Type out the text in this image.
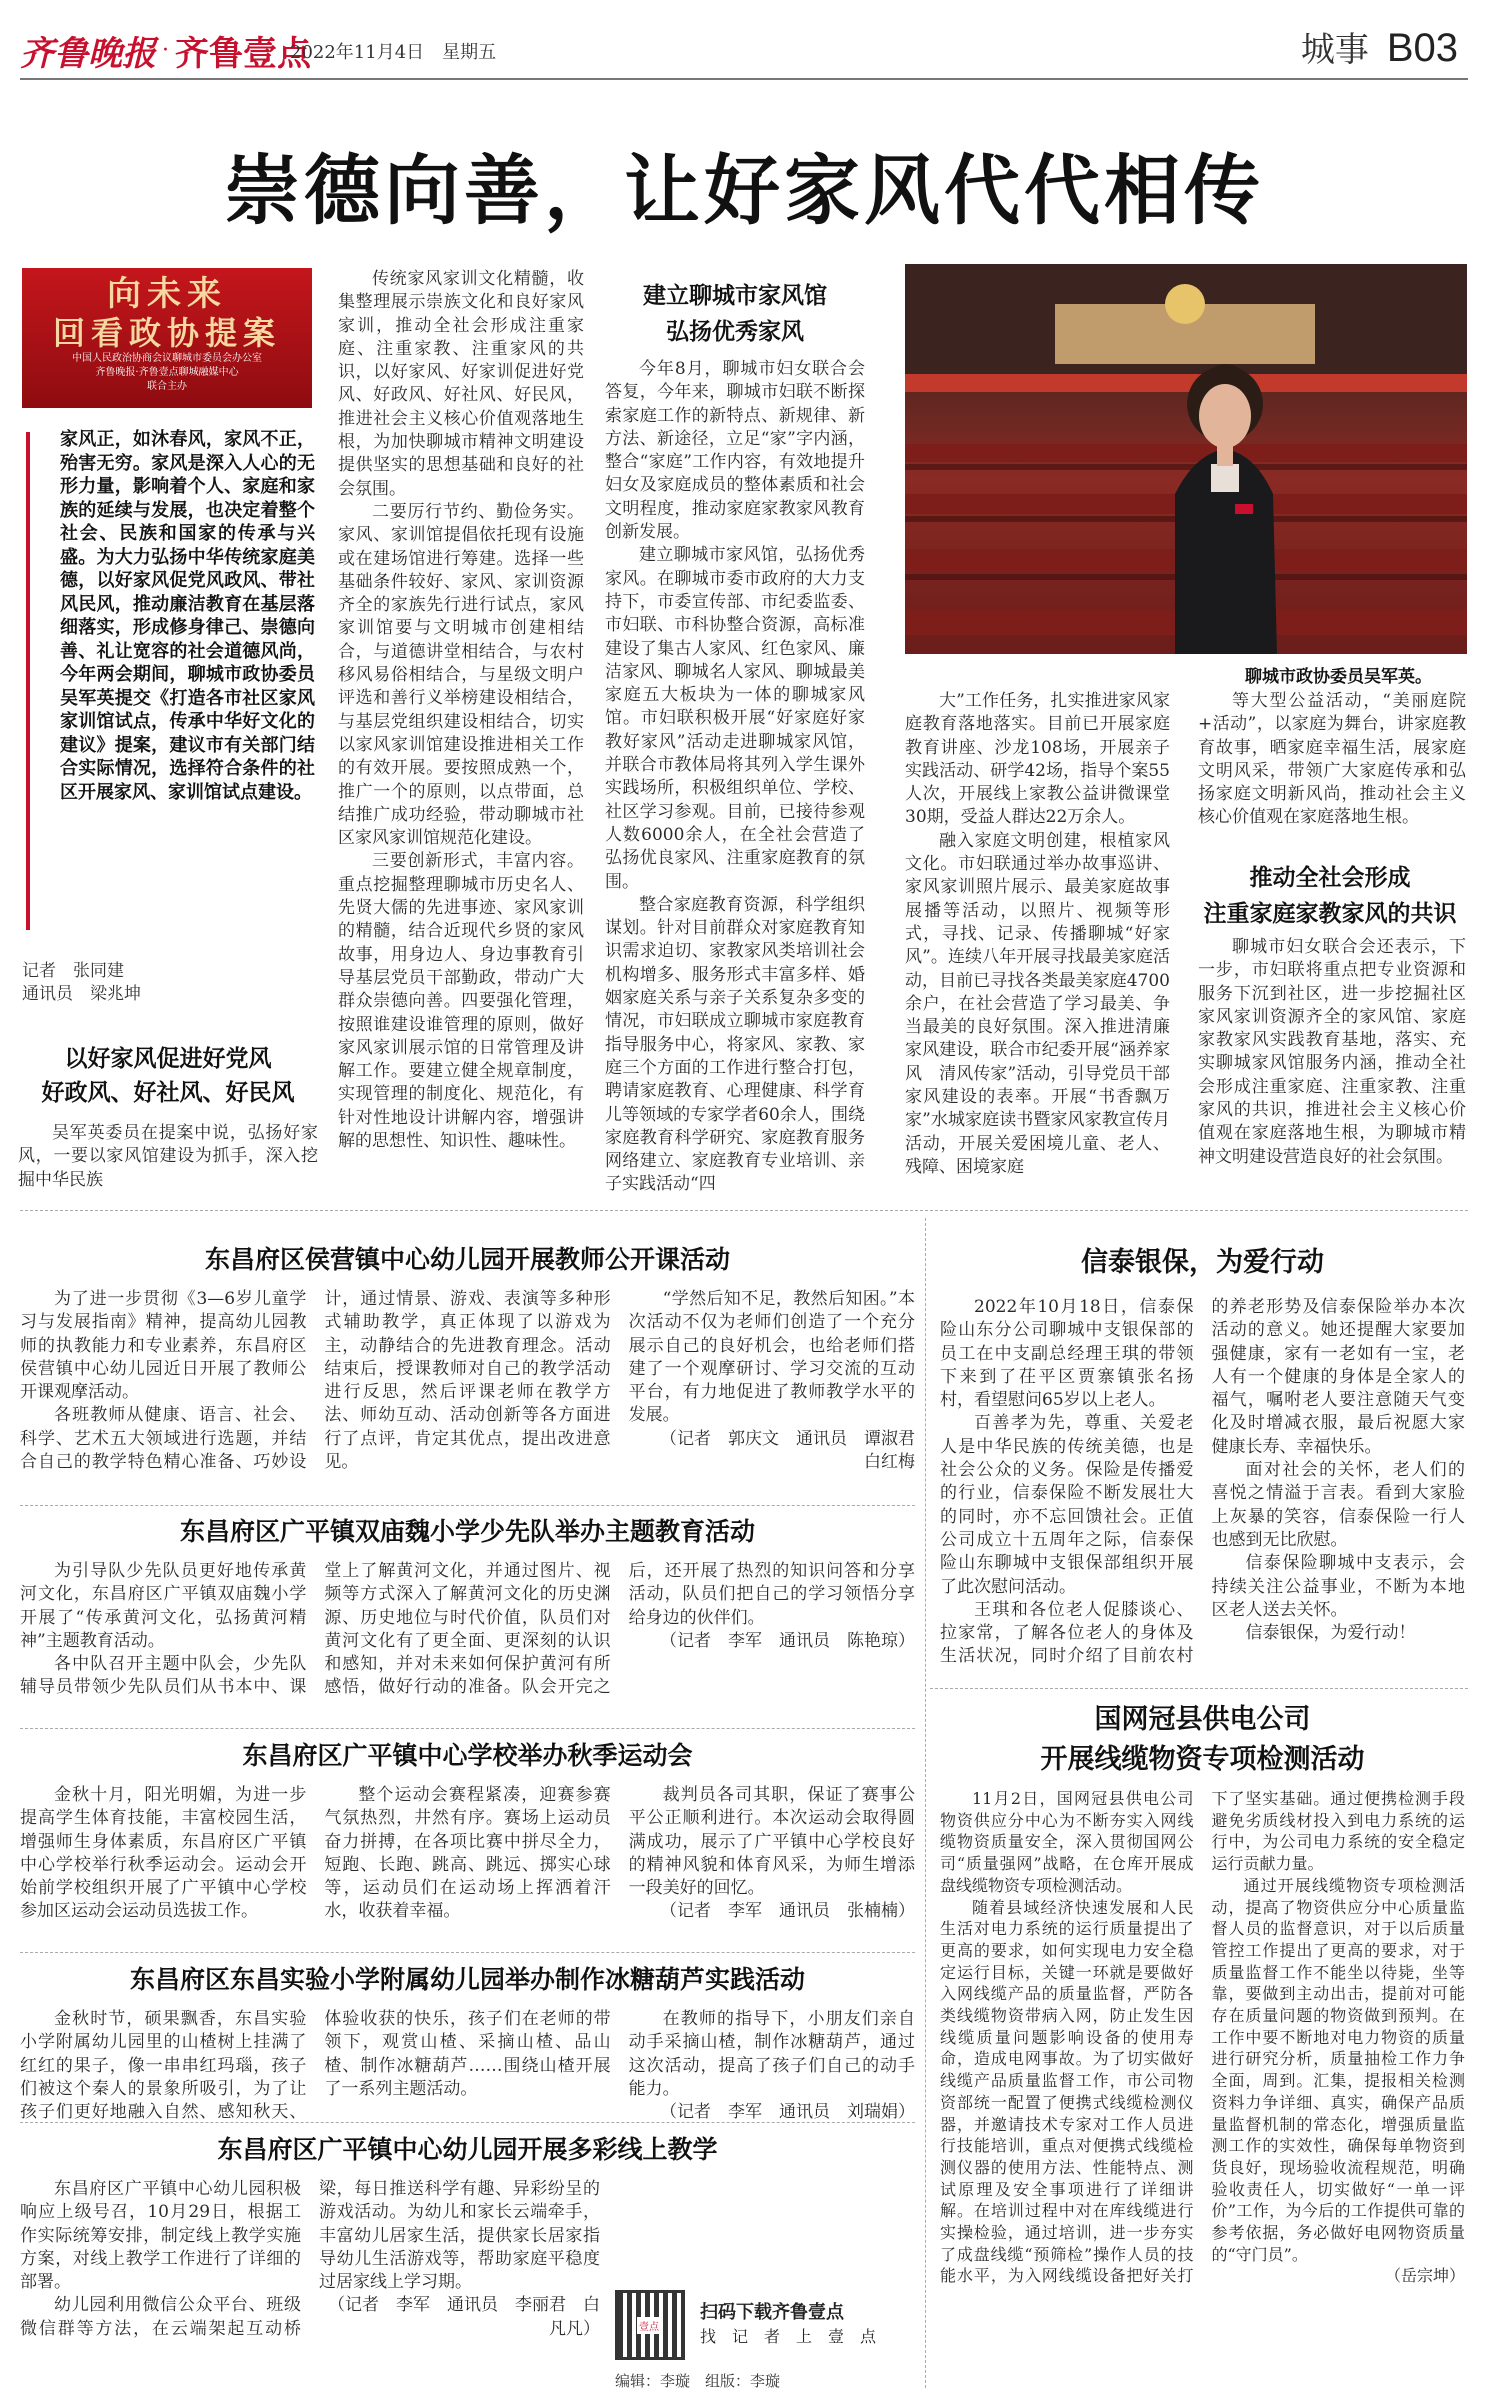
齐鲁晚报 · 齐鲁壹点
2022年11月4日 星期五	城事 B03
崇德向善，让好家风代代相传
向未来
回看政协提案
中国人民政治协商会议聊城市委员会办公室
齐鲁晚报·齐鲁壹点聊城融媒中心
联合主办
家风正，如沐春风，家风不正，殆害无穷。家风是深入人心的无形力量，影响着个人、家庭和家族的延续与发展，也决定着整个社会、民族和国家的传承与兴盛。为大力弘扬中华传统家庭美德，以好家风促党风政风、带社风民风，推动廉洁教育在基层落细落实，形成修身律己、崇德向善、礼让宽容的社会道德风尚，今年两会期间，聊城市政协委员吴军英提交《打造各市社区家风家训馆试点，传承中华好文化的建议》提案，建议市有关部门结合实际情况，选择符合条件的社区开展家风、家训馆试点建设。
记者　张同建
通讯员　梁兆坤
以好家风促进好党风
好政风、好社风、好民风

吴军英委员在提案中说，弘扬好家风，一要以家风馆建设为抓手，深入挖掘中华民族

传统家风家训文化精髓，收集整理展示崇族文化和良好家风家训，推动全社会形成注重家庭、注重家教、注重家风的共识，以好家风、好家训促进好党风、好政风、好社风、好民风，推进社会主义核心价值观落地生根，为加快聊城市精神文明建设提供坚实的思想基础和良好的社会氛围。

二要厉行节约、勤俭务实。家风、家训馆提倡依托现有设施或在建场馆进行筹建。选择一些基础条件较好、家风、家训资源齐全的家族先行进行试点，家风家训馆要与文明城市创建相结合，与道德讲堂相结合，与农村移风易俗相结合，与星级文明户评选和善行义举榜建设相结合，与基层党组织建设相结合，切实以家风家训馆建设推进相关工作的有效开展。要按照成熟一个，推广一个的原则，以点带面，总结推广成功经验，带动聊城市社区家风家训馆规范化建设。

三要创新形式，丰富内容。重点挖掘整理聊城市历史名人、先贤大儒的先进事迹、家风家训的精髓，结合近现代乡贤的家风故事，用身边人、身边事教育引导基层党员干部勤政，带动广大群众崇德向善。四要强化管理，按照谁建设谁管理的原则，做好家风家训展示馆的日常管理及讲解工作。要建立健全规章制度，实现管理的制度化、规范化，有针对性地设计讲解内容，增强讲解的思想性、知识性、趣味性。

建立聊城市家风馆
弘扬优秀家风

今年8月，聊城市妇女联合会答复，今年来，聊城市妇联不断探索家庭工作的新特点、新规律、新方法、新途径，立足“家”字内涵，整合“家庭”工作内容，有效地提升妇女及家庭成员的整体素质和社会文明程度，推动家庭家教家风教育创新发展。

建立聊城市家风馆，弘扬优秀家风。在聊城市委市政府的大力支持下，市委宣传部、市纪委监委、市妇联、市科协整合资源，高标准建设了集古人家风、红色家风、廉洁家风、聊城名人家风、聊城最美家庭五大板块为一体的聊城家风馆。市妇联积极开展“好家庭好家教好家风”活动走进聊城家风馆，并联合市教体局将其列入学生课外实践场所，积极组织单位、学校、社区学习参观。目前，已接待参观人数6000余人，在全社会营造了弘扬优良家风、注重家庭教育的氛围。

整合家庭教育资源，科学组织谋划。针对目前群众对家庭教育知识需求迫切、家教家风类培训社会机构增多、服务形式丰富多样、婚姻家庭关系与亲子关系复杂多变的情况，市妇联成立聊城市家庭教育指导服务中心，将家风、家教、家庭三个方面的工作进行整合打包，聘请家庭教育、心理健康、科学育儿等领域的专家学者60余人，围绕家庭教育科学研究、家庭教育服务网络建立、家庭教育专业培训、亲子实践活动“四

聊城市政协委员吴军英。

大”工作任务，扎实推进家风家庭教育落地落实。目前已开展家庭教育讲座、沙龙108场，开展亲子实践活动、研学42场，指导个案55人次，开展线上家教公益讲微课堂30期，受益人群达22万余人。

融入家庭文明创建，根植家风文化。市妇联通过举办故事巡讲、家风家训照片展示、最美家庭故事展播等活动，以照片、视频等形式，寻找、记录、传播聊城“好家风”。连续八年开展寻找最美家庭活动，目前已寻找各类最美家庭4700余户，在社会营造了学习最美、争当最美的良好氛围。深入推进清廉家风建设，联合市纪委开展“涵养家风　清风传家”活动，引导党员干部家风建设的表率。开展“书香飘万家”水城家庭读书暨家风家教宣传月活动，开展关爱困境儿童、老人、残障、困境家庭

等大型公益活动，“美丽庭院+活动”，以家庭为舞台，讲家庭教育故事，晒家庭幸福生活，展家庭文明风采，带领广大家庭传承和弘扬家庭文明新风尚，推动社会主义核心价值观在家庭落地生根。

推动全社会形成
注重家庭家教家风的共识

聊城市妇女联合会还表示，下一步，市妇联将重点把专业资源和服务下沉到社区，进一步挖掘社区家风家训资源齐全的家风馆、家庭家教家风实践教育基地，落实、充实聊城家风馆服务内涵，推动全社会形成注重家庭、注重家教、注重家风的共识，推进社会主义核心价值观在家庭落地生根，为聊城市精神文明建设营造良好的社会氛围。

东昌府区侯营镇中心幼儿园开展教师公开课活动

为了进一步贯彻《3—6岁儿童学习与发展指南》精神，提高幼儿园教师的执教能力和专业素养，东昌府区侯营镇中心幼儿园近日开展了教师公开课观摩活动。

各班教师从健康、语言、社会、科学、艺术五大领域进行选题，并结合自己的教学特色精心准备、巧妙设计，通过情景、游戏、表演等多种形式辅助教学，真正体现了以游戏为主，动静结合的先进教育理念。活动结束后，授课教师对自己的教学活动进行反思，然后评课老师在教学方法、师幼互动、活动创新等各方面进行了点评，肯定其优点，提出改进意见。

“学然后知不足，教然后知困。”本次活动不仅为老师们创造了一个充分展示自己的良好机会，也给老师们搭建了一个观摩研讨、学习交流的互动平台，有力地促进了教师教学水平的发展。

（记者　郭庆文　通讯员　谭淑君　白红梅
东昌府区广平镇双庙魏小学少先队举办主题教育活动

为引导队少先队员更好地传承黄河文化，东昌府区广平镇双庙魏小学开展了“传承黄河文化，弘扬黄河精神”主题教育活动。

各中队召开主题中队会，少先队辅导员带领少先队员们从书本中、课堂上了解黄河文化，并通过图片、视频等方式深入了解黄河文化的历史渊源、历史地位与时代价值，队员们对黄河文化有了更全面、更深刻的认识和感知，并对未来如何保护黄河有所感悟，做好行动的准备。队会开完之后，还开展了热烈的知识问答和分享活动，队员们把自己的学习领悟分享给身边的伙伴们。

（记者　李军　通讯员　陈艳琼）
东昌府区广平镇中心学校举办秋季运动会

金秋十月，阳光明媚，为进一步提高学生体育技能，丰富校园生活，增强师生身体素质，东昌府区广平镇中心学校举行秋季运动会。运动会开始前学校组织开展了广平镇中心学校参加区运动会运动员选拔工作。

整个运动会赛程紧凑，迎赛参赛气氛热烈，井然有序。赛场上运动员奋力拼搏，在各项比赛中拼尽全力，短跑、长跑、跳高、跳远、掷实心球等，运动员们在运动场上挥洒着汗水，收获着幸福。

裁判员各司其职，保证了赛事公平公正顺利进行。本次运动会取得圆满成功，展示了广平镇中心学校良好的精神风貌和体育风采，为师生增添一段美好的回忆。

（记者　李军　通讯员　张楠楠）
东昌府区东昌实验小学附属幼儿园举办制作冰糖葫芦实践活动

金秋时节，硕果飘香，东昌实验小学附属幼儿园里的山楂树上挂满了红红的果子，像一串串红玛瑙，孩子们被这个秦人的景象所吸引，为了让孩子们更好地融入自然、感知秋天、体验收获的快乐，孩子们在老师的带领下，观赏山楂、采摘山楂、品山楂、制作冰糖葫芦……围绕山楂开展了一系列主题活动。

在教师的指导下，小朋友们亲自动手采摘山楂，制作冰糖葫芦，通过这次活动，提高了孩子们自己的动手能力。

（记者　李军　通讯员　刘瑞娟）
东昌府区广平镇中心幼儿园开展多彩线上教学

东昌府区广平镇中心幼儿园积极响应上级号召，10月29日，根据工作实际统筹安排，制定线上教学实施方案，对线上教学工作进行了详细的部署。

幼儿园利用微信公众平台、班级微信群等方法，在云端架起互动桥梁，每日推送科学有趣、异彩纷呈的游戏活动。为幼儿和家长云端牵手，丰富幼儿居家生活，提供家长居家指导幼儿生活游戏等，帮助家庭平稳度过居家线上学习期。

（记者　李军　通讯员　李丽君　白凡凡）	壹点
扫码下载齐鲁壹点
找　记　者　上　壹　点
编辑：李璇　组版：李璇
信泰银保，为爱行动

2022年10月18日，信泰保险山东分公司聊城中支银保部的员工在中支副总经理王琪的带领下来到了茌平区贾寨镇张名扬村，看望慰问65岁以上老人。

百善孝为先，尊重、关爱老人是中华民族的传统美德，也是社会公众的义务。保险是传播爱的行业，信泰保险不断发展壮大的同时，亦不忘回馈社会。正值公司成立十五周年之际，信泰保险山东聊城中支银保部组织开展了此次慰问活动。

王琪和各位老人促膝谈心、拉家常，了解各位老人的身体及生活状况，同时介绍了目前农村的养老形势及信泰保险举办本次活动的意义。她还提醒大家要加强健康，家有一老如有一宝，老人有一个健康的身体是全家人的福气，嘱咐老人要注意随天气变化及时增减衣服，最后祝愿大家健康长寿、幸福快乐。

面对社会的关怀，老人们的喜悦之情溢于言表。看到大家脸上灰暴的笑容，信泰保险一行人也感到无比欣慰。

信泰保险聊城中支表示，会持续关注公益事业，不断为本地区老人送去关怀。

信泰银保，为爱行动！

国网冠县供电公司
开展线缆物资专项检测活动

11月2日，国网冠县供电公司物资供应分中心为不断夯实入网线缆物资质量安全，深入贯彻国网公司“质量强网”战略，在仓库开展成盘线缆物资专项检测活动。

随着县域经济快速发展和人民生活对电力系统的运行质量提出了更高的要求，如何实现电力安全稳定运行目标，关键一环就是要做好入网线缆产品的质量监督，严防各类线缆物资带病入网，防止发生因线缆质量问题影响设备的使用寿命，造成电网事故。为了切实做好线缆产品质量监督工作，市公司物资部统一配置了便携式线缆检测仪器，并邀请技术专家对工作人员进行技能培训，重点对便携式线缆检测仪器的使用方法、性能特点、测试原理及安全事项进行了详细讲解。在培训过程中对在库线缆进行实操检验，通过培训，进一步夯实了成盘线缆“预筛检”操作人员的技能水平，为入网线缆设备把好关打下了坚实基础。通过便携检测手段避免劣质线材投入到电力系统的运行中，为公司电力系统的安全稳定运行贡献力量。

通过开展线缆物资专项检测活动，提高了物资供应分中心质量监督人员的监督意识，对于以后质量管控工作提出了更高的要求，对于质量监督工作不能坐以待毙，坐等靠，要做到主动出击，提前对可能存在质量问题的物资做到预判。在工作中要不断地对电力物资的质量进行研究分析，质量抽检工作力争全面，周到。汇集，提报相关检测资料力争详细、真实，确保产品质量监督机制的常态化，增强质量监测工作的实效性，确保每单物资到货良好，现场验收流程规范，明确验收责任人，切实做好“一单一评价”工作，为今后的工作提供可靠的参考依据，务必做好电网物资质量的“守门员”。

（岳宗坤）
